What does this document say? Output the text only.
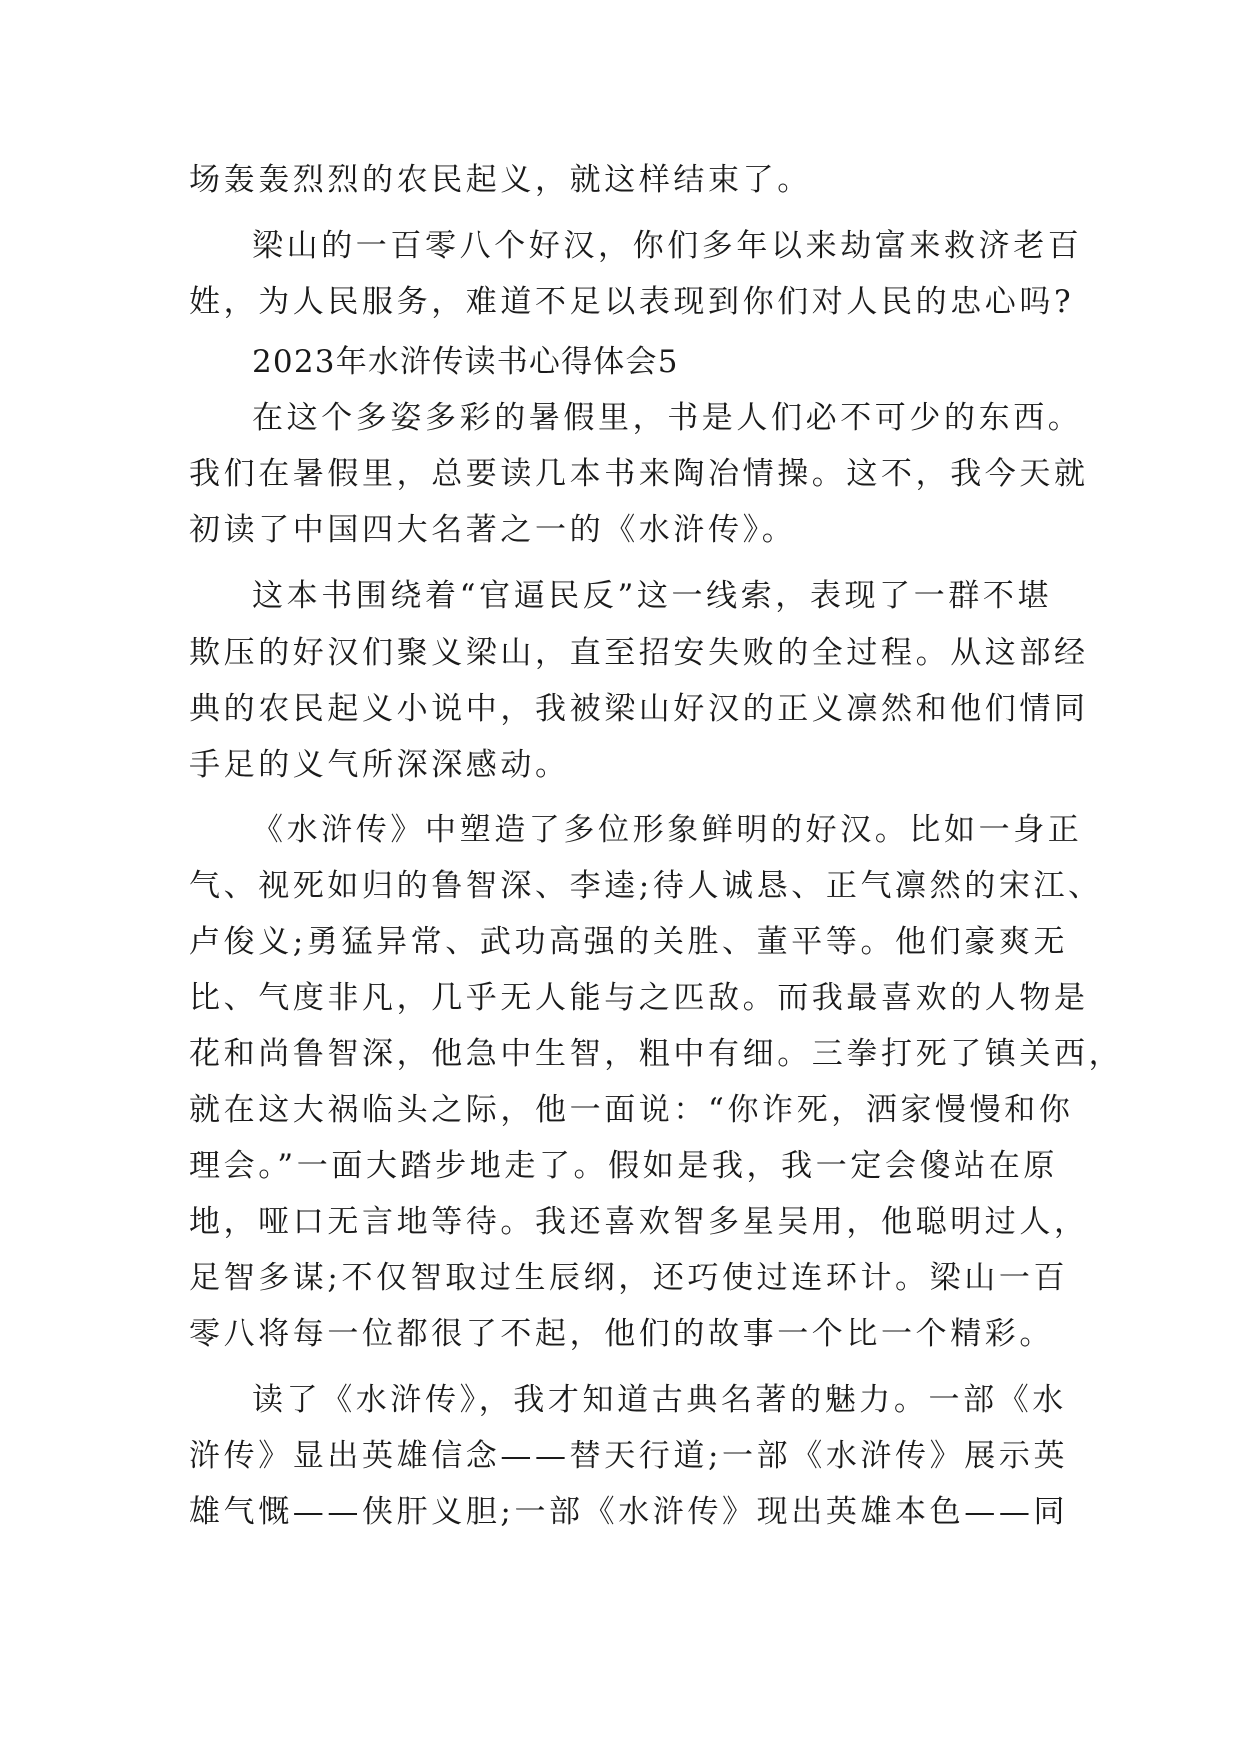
场轰轰烈烈的农民起义，就这样结束了。
梁山的一百零八个好汉，你们多年以来劫富来救济老百
姓，为人民服务，难道不足以表现到你们对人民的忠心吗?
2023年水浒传读书心得体会5
在这个多姿多彩的暑假里，书是人们必不可少的东西。
我们在暑假里，总要读几本书来陶冶情操。这不，我今天就
初读了中国四大名著之一的《水浒传》。
这本书围绕着“官逼民反”这一线索，表现了一群不堪
欺压的好汉们聚义梁山，直至招安失败的全过程。从这部经
典的农民起义小说中，我被梁山好汉的正义凛然和他们情同
手足的义气所深深感动。
《水浒传》中塑造了多位形象鲜明的好汉。比如一身正
气、视死如归的鲁智深、李逵;待人诚恳、正气凛然的宋江、
卢俊义;勇猛异常、武功高强的关胜、董平等。他们豪爽无
比、气度非凡，几乎无人能与之匹敌。而我最喜欢的人物是
花和尚鲁智深，他急中生智，粗中有细。三拳打死了镇关西，
就在这大祸临头之际，他一面说：“你诈死，洒家慢慢和你
理会。”一面大踏步地走了。假如是我，我一定会傻站在原
地，哑口无言地等待。我还喜欢智多星吴用，他聪明过人，
足智多谋;不仅智取过生辰纲，还巧使过连环计。梁山一百
零八将每一位都很了不起，他们的故事一个比一个精彩。
读了《水浒传》，我才知道古典名著的魅力。一部《水
浒传》显出英雄信念——替天行道;一部《水浒传》展示英
雄气慨——侠肝义胆;一部《水浒传》现出英雄本色——同
